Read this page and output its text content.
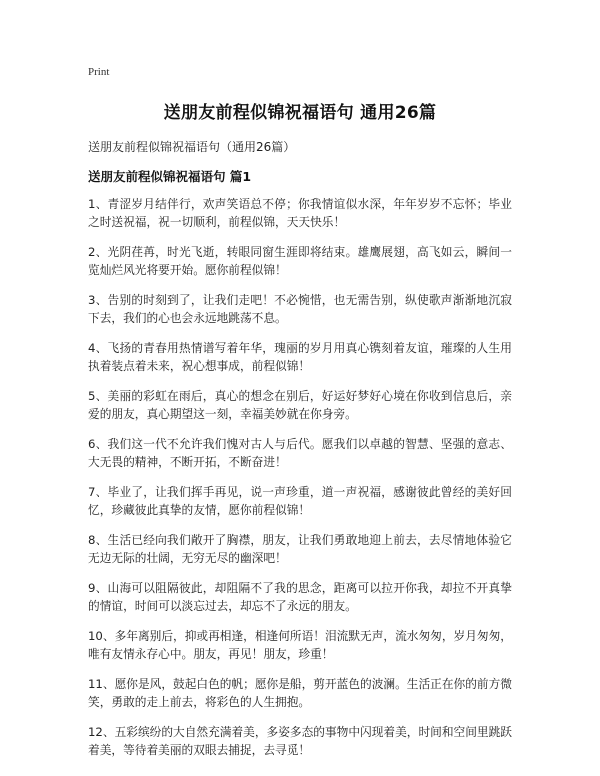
Print
送朋友前程似锦祝福语句 通用26篇

送朋友前程似锦祝福语句（通用26篇）

送朋友前程似锦祝福语句 篇1

1、青涩岁月结伴行，欢声笑语总不停；你我情谊似水深，年年岁岁不忘怀；毕业之时送祝福，祝一切顺利，前程似锦，天天快乐！

2、光阴荏苒，时光飞逝，转眼同窗生涯即将结束。雄鹰展翅，高飞如云，瞬间一览灿烂风光将要开始。愿你前程似锦！

3、告别的时刻到了，让我们走吧！不必惋惜，也无需告别，纵使歌声渐渐地沉寂下去，我们的心也会永远地跳荡不息。

4、飞扬的青春用热情谱写着年华，瑰丽的岁月用真心镌刻着友谊，璀璨的人生用执着装点着未来，祝心想事成，前程似锦！

5、美丽的彩虹在雨后，真心的想念在别后，好运好梦好心境在你收到信息后，亲爱的朋友，真心期望这一刻，幸福美妙就在你身旁。

6、我们这一代不允许我们愧对古人与后代。愿我们以卓越的智慧、坚强的意志、大无畏的精神，不断开拓，不断奋进！

7、毕业了，让我们挥手再见，说一声珍重，道一声祝福，感谢彼此曾经的美好回忆，珍藏彼此真挚的友情，愿你前程似锦！

8、生活已经向我们敞开了胸襟，朋友，让我们勇敢地迎上前去，去尽情地体验它无边无际的壮阔，无穷无尽的幽深吧！

9、山海可以阻隔彼此，却阻隔不了我的思念，距离可以拉开你我，却拉不开真挚的情谊，时间可以淡忘过去，却忘不了永远的朋友。

10、多年离别后，抑或再相逢，相逢何所语！泪流默无声，流水匆匆，岁月匆匆，唯有友情永存心中。朋友，再见！朋友，珍重！

11、愿你是风，鼓起白色的帆；愿你是船，剪开蓝色的波澜。生活正在你的前方微笑，勇敢的走上前去，将彩色的人生拥抱。

12、五彩缤纷的大自然充满着美，多姿多态的事物中闪现着美，时间和空间里跳跃着美，等待着美丽的双眼去捕捉，去寻觅！
